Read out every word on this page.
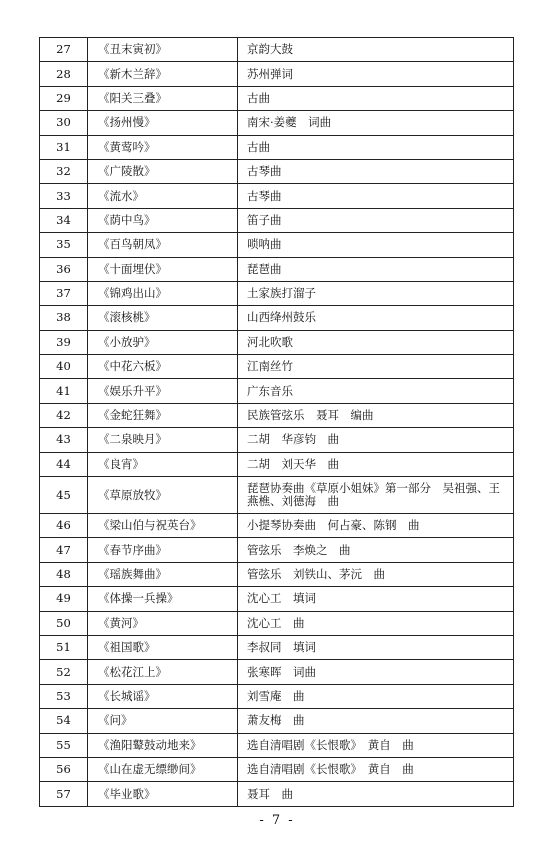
27	《丑末寅初》	京韵大鼓
28	《新木兰辞》	苏州弹词
29	《阳关三叠》	古曲
30	《扬州慢》	南宋·姜夔　词曲
31	《黄莺吟》	古曲
32	《广陵散》	古琴曲
33	《流水》	古琴曲
34	《荫中鸟》	笛子曲
35	《百鸟朝凤》	唢呐曲
36	《十面埋伏》	琵琶曲
37	《锦鸡出山》	土家族打溜子
38	《滚核桃》	山西绛州鼓乐
39	《小放驴》	河北吹歌
40	《中花六板》	江南丝竹
41	《娱乐升平》	广东音乐
42	《金蛇狂舞》	民族管弦乐　聂耳　编曲
43	《二泉映月》	二胡　华彦钧　曲
44	《良宵》	二胡　刘天华　曲
45	《草原放牧》	琵琶协奏曲《草原小姐妹》第一部分　吴祖强、王燕樵、刘德海　曲
46	《梁山伯与祝英台》	小提琴协奏曲　何占豪、陈钢　曲
47	《春节序曲》	管弦乐　李焕之　曲
48	《瑶族舞曲》	管弦乐　刘铁山、茅沅　曲
49	《体操一兵操》	沈心工　填词
50	《黄河》	沈心工　曲
51	《祖国歌》	李叔同　填词
52	《松花江上》	张寒晖　词曲
53	《长城谣》	刘雪庵　曲
54	《问》	萧友梅　曲
55	《渔阳鼙鼓动地来》	选自清唱剧《长恨歌》　黄自　曲
56	《山在虚无缥缈间》	选自清唱剧《长恨歌》　黄自　曲
57	《毕业歌》	聂耳　曲
- 7 -
